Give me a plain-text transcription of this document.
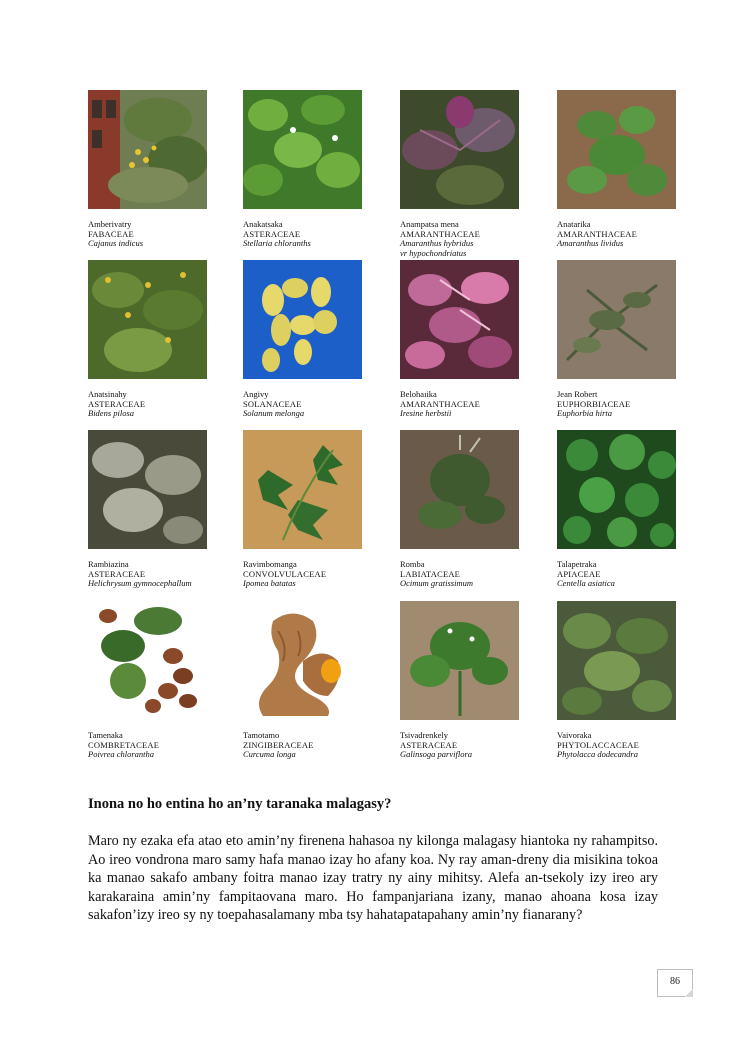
Amberivatry
FABACEAE
Cajanus indicus
Anakatsaka
ASTERACEAE
Stellaria chloranths
Anampatsa mena
AMARANTHACEAE
Amaranthus hybridus
vr hypochondriatus
Anatarika
AMARANTHACEAE
Amaranthus lividus
Anatsinahy
ASTERACEAE
Bidens pilosa
Angivy
SOLANACEAE
Solanum melonga
Belohaıika
AMARANTHACEAE
Iresine herbstii
Jean Robert
EUPHORBIACEAE
Euphorbia hirta
Rambiazina
ASTERACEAE
Helichrysum gymnocephallum
Ravimbomanga
CONVOLVULACEAE
Ipomea batatas
Romba
LABIATACEAE
Ocimum gratissimum
Talapetraka
APIACEAE
Centella asiatica
Tamenaka
COMBRETACEAE
Poivrea chlorantha
Tamotamo
ZINGIBERACEAE
Curcuma longa
Tsivadrenkely
ASTERACEAE
Galinsoga parviflora
Vaivoraka
PHYTOLACCACEAE
Phytolacca dodecandra
Inona no ho entina ho an’ny taranaka malagasy?
Maro ny ezaka efa atao eto amin’ny firenena hahasoa ny kilonga malagasy hiantoka ny rahampitso. Ao ireo vondrona maro samy hafa manao izay ho afany koa. Ny ray aman-dreny dia misikina tokoa ka manao sakafo ambany foitra manao izay tratry ny ainy mihitsy. Alefa an-tsekoly izy ireo ary karakaraina amin’ny fampitaovana maro. Ho fampanjariana izany, manao ahoana kosa izay sakafon’izy ireo sy ny toepahasalamany mba tsy hahatapatapahany amin’ny fianarany?
86
